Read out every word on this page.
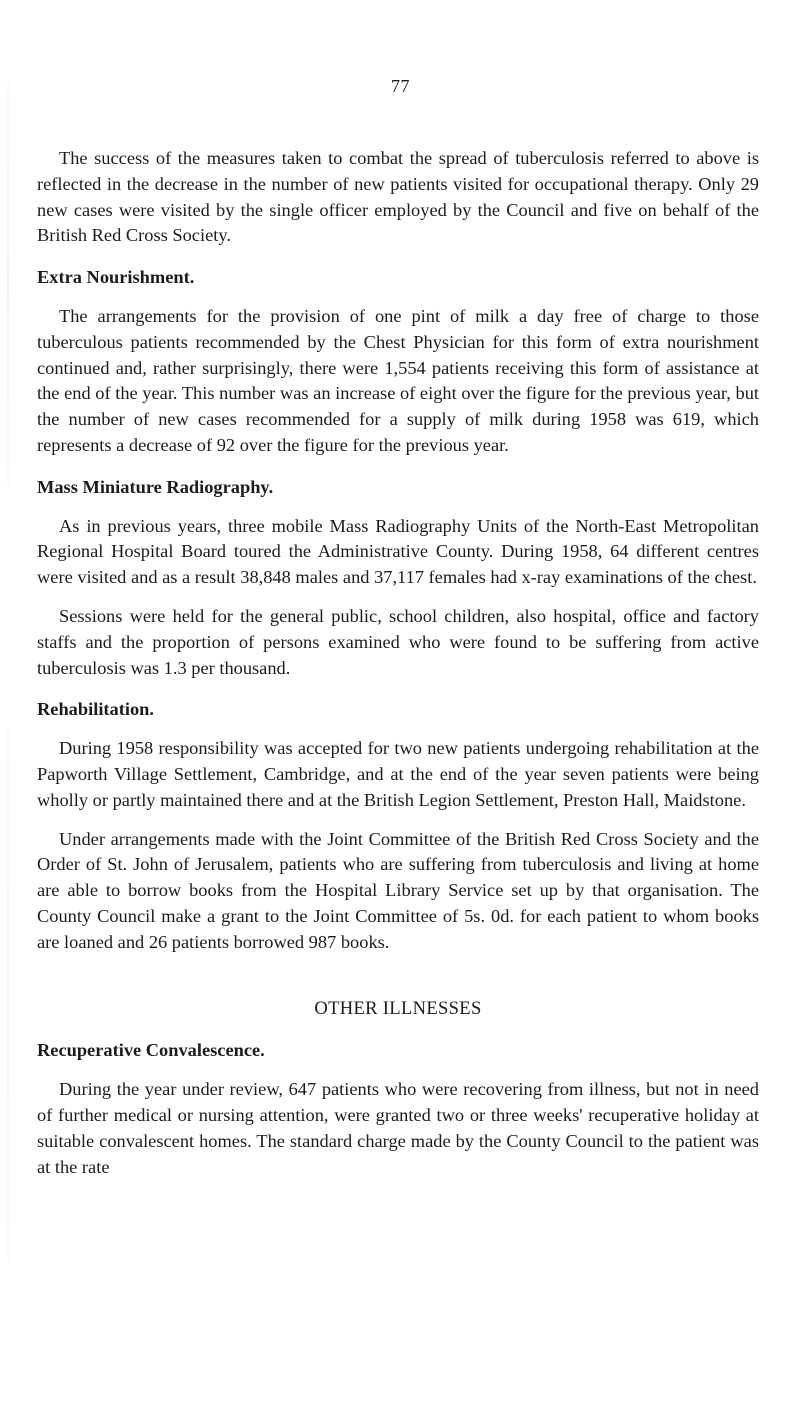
77

The success of the measures taken to combat the spread of tuberculosis referred to above is reflected in the decrease in the number of new patients visited for occupational therapy. Only 29 new cases were visited by the single officer employed by the Council and five on behalf of the British Red Cross Society.

Extra Nourishment.

The arrangements for the provision of one pint of milk a day free of charge to those tuberculous patients recommended by the Chest Physician for this form of extra nourishment continued and, rather surprisingly, there were 1,554 patients receiving this form of assistance at the end of the year. This number was an increase of eight over the figure for the previous year, but the number of new cases recommended for a supply of milk during 1958 was 619, which represents a decrease of 92 over the figure for the previous year.

Mass Miniature Radiography.

As in previous years, three mobile Mass Radiography Units of the North-East Metropolitan Regional Hospital Board toured the Administrative County. During 1958, 64 different centres were visited and as a result 38,848 males and 37,117 females had x-ray examinations of the chest.

Sessions were held for the general public, school children, also hospital, office and factory staffs and the proportion of persons examined who were found to be suffering from active tuberculosis was 1.3 per thousand.

Rehabilitation.

During 1958 responsibility was accepted for two new patients undergoing rehabilitation at the Papworth Village Settlement, Cambridge, and at the end of the year seven patients were being wholly or partly maintained there and at the British Legion Settlement, Preston Hall, Maidstone.

Under arrangements made with the Joint Committee of the British Red Cross Society and the Order of St. John of Jerusalem, patients who are suffering from tuberculosis and living at home are able to borrow books from the Hospital Library Service set up by that organisation. The County Council make a grant to the Joint Committee of 5s. 0d. for each patient to whom books are loaned and 26 patients borrowed 987 books.

OTHER ILLNESSES
Recuperative Convalescence.

During the year under review, 647 patients who were recovering from illness, but not in need of further medical or nursing attention, were granted two or three weeks' recuperative holiday at suitable convalescent homes. The standard charge made by the County Council to the patient was at the rate
